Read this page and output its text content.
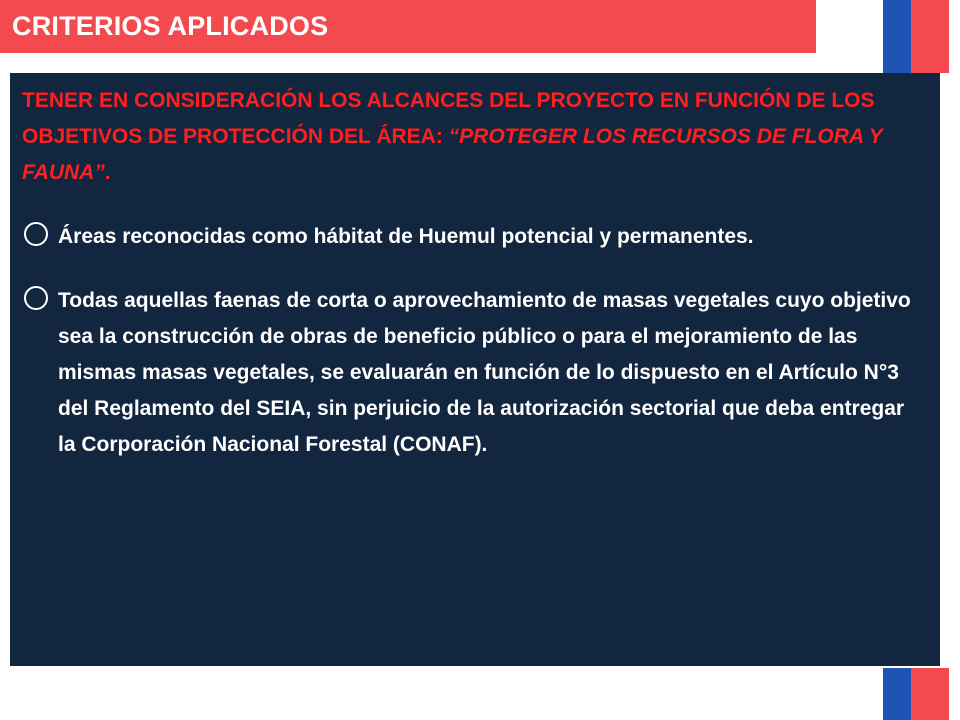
CRITERIOS APLICADOS

TENER EN CONSIDERACIÓN LOS ALCANCES DEL PROYECTO EN FUNCIÓN DE LOS OBJETIVOS DE PROTECCIÓN DEL ÁREA: “PROTEGER LOS RECURSOS DE FLORA Y FAUNA”.

Áreas reconocidas como hábitat de Huemul potencial y permanentes.
Todas aquellas faenas de corta o aprovechamiento de masas vegetales cuyo objetivo sea la construcción de obras de beneficio público o para el mejoramiento de las mismas masas vegetales, se evaluarán en función de lo dispuesto en el Artículo N°3 del Reglamento del SEIA, sin perjuicio de la autorización sectorial que deba entregar la Corporación Nacional Forestal (CONAF).
